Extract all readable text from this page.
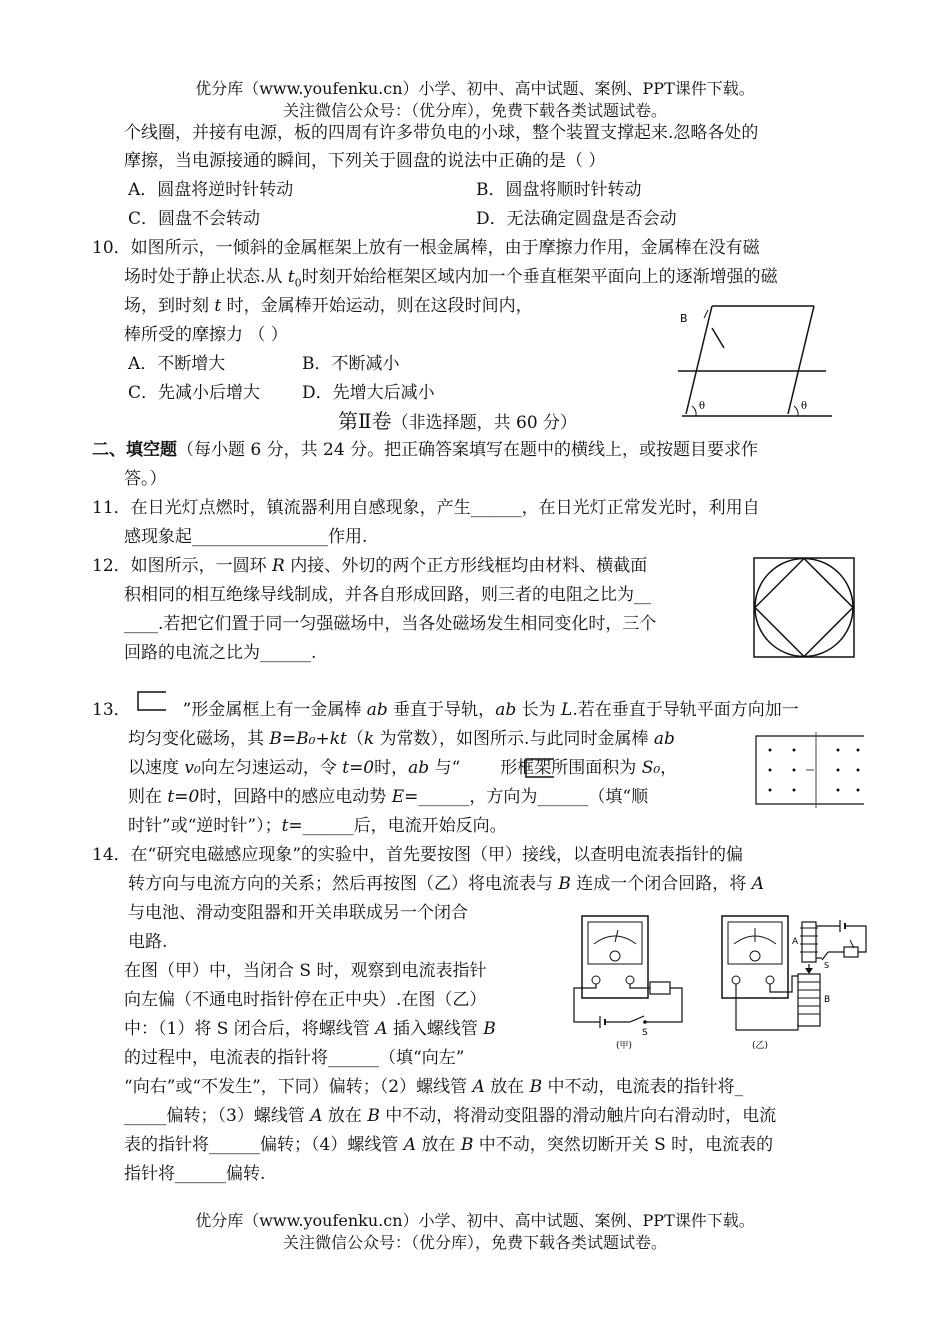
优分库（www.youfenku.cn）小学、初中、高中试题、案例、PPT课件下载。
关注微信公众号：（优分库），免费下载各类试题试卷。
个线圈，并接有电源，板的四周有许多带负电的小球，整个装置支撑起来.忽略各处的
摩擦，当电源接通的瞬间，下列关于圆盘的说法中正确的是（ ）
A．圆盘将逆时针转动	B．圆盘将顺时针转动
C．圆盘不会转动	D．无法确定圆盘是否会动
10．如图所示，一倾斜的金属框架上放有一根金属棒，由于摩擦力作用，金属棒在没有磁
场时处于静止状态.从 $t_0$时刻开始给框架区域内加一个垂直框架平面向上的逐渐增强的磁
场，到时刻 t 时，金属棒开始运动，则在这段时间内，
棒所受的摩擦力 （ ）
A．不断增大	B．不断减小
C．先减小后增大 D．先增大后减小
B
θ	θ
第Ⅱ卷（非选择题，共 60 分）
二、填空题（每小题 6 分，共 24 分。把正确答案填写在题中的横线上，或按题目要求作
答。）
11．在日光灯点燃时，镇流器利用自感现象，产生______，在日光灯正常发光时，利用自
感现象起________________作用.
12．如图所示，一圆环 R 内接、外切的两个正方形线框均由材料、横截面
积相同的相互绝缘导线制成，并各自形成回路，则三者的电阻之比为__
____.若把它们置于同一匀强磁场中，当各处磁场发生相同变化时，三个
回路的电流之比为______.
13．	”形金属框上有一金属棒 ab 垂直于导轨，ab 长为 L.若在垂直于导轨平面方向加一
均匀变化磁场，其 B=B₀+kt（k 为常数），如图所示.与此同时金属棒 ab
以速度 v₀向左匀速运动，令 t=0时，ab 与“ 形框架所围面积为 S₀，
则在 t=0时，回路中的感应电动势 E=______，方向为______（填“顺
时针”或“逆时针”）；t=______后，电流开始反向。
14．在“研究电磁感应现象”的实验中，首先要按图（甲）接线，以查明电流表指针的偏
转方向与电流方向的关系；然后再按图（乙）将电流表与 B 连成一个闭合回路，将 A
与电池、滑动变阻器和开关串联成另一个闭合
电路.
在图（甲）中，当闭合 S 时，观察到电流表指针
向左偏（不通电时指针停在正中央）.在图（乙）
中：（1）将 S 闭合后，将螺线管 A 插入螺线管 B
的过程中，电流表的指针将______（填“向左”
“向右”或“不发生”，下同）偏转；（2）螺线管 A 放在 B 中不动，电流表的指针将_
_____偏转；（3）螺线管 A 放在 B 中不动，将滑动变阻器的滑动触片向右滑动时，电流
表的指针将______偏转；（4）螺线管 A 放在 B 中不动，突然切断开关 S 时，电流表的
指针将______偏转.
S
(甲)
A
B
S
(乙)
优分库（www.youfenku.cn）小学、初中、高中试题、案例、PPT课件下载。
关注微信公众号：（优分库），免费下载各类试题试卷。
